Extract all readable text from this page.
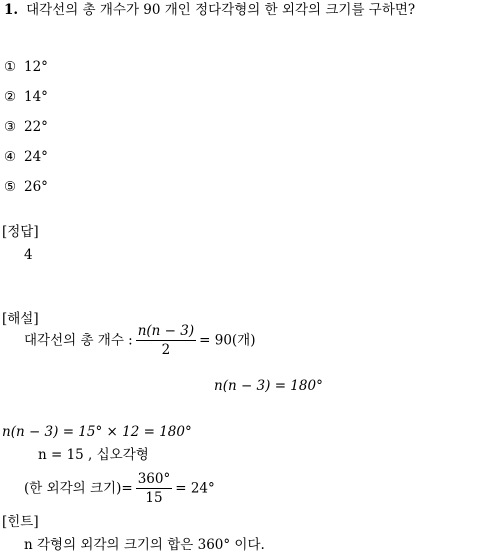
1. 대각선의 총 개수가 90 개인 정다각형의 한 외각의 크기를 구하면?
① 12°
② 14°
③ 22°
④ 24°
⑤ 26°
[정답]
4
[해설]
대각선의 총 개수 : $\frac{n(n - 3)}{2} = 90$(개)
n(n − 3) = 180°
n(n − 3) = 15° × 12 = 180°
n = 15 , 십오각형
(한 외각의 크기)= $\frac{360^\circ}{15} = 24^\circ$
[힌트]
n 각형의 외각의 크기의 합은 360° 이다.
